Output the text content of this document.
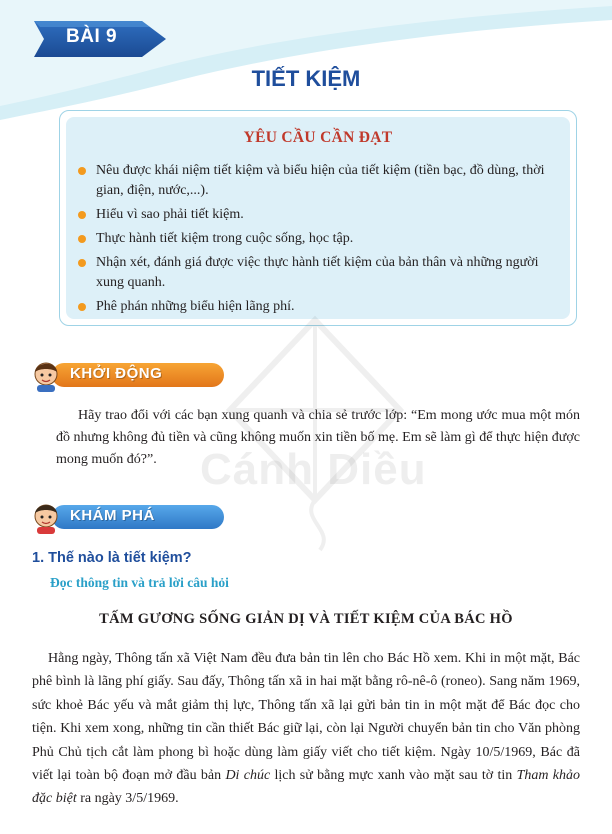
BÀI 9
TIẾT KIỆM
YÊU CẦU CẦN ĐẠT
Nêu được khái niệm tiết kiệm và biểu hiện của tiết kiệm (tiền bạc, đồ dùng, thời gian, điện, nước,...).
Hiểu vì sao phải tiết kiệm.
Thực hành tiết kiệm trong cuộc sống, học tập.
Nhận xét, đánh giá được việc thực hành tiết kiệm của bản thân và những người xung quanh.
Phê phán những biểu hiện lãng phí.
Cánh Diều
KHỞI ĐỘNG
Hãy trao đổi với các bạn xung quanh và chia sẻ trước lớp: “Em mong ước mua một món đồ nhưng không đủ tiền và cũng không muốn xin tiền bố mẹ. Em sẽ làm gì để thực hiện được mong muốn đó?”.
KHÁM PHÁ
1. Thế nào là tiết kiệm?
Đọc thông tin và trả lời câu hỏi
TẤM GƯƠNG SỐNG GIẢN DỊ VÀ TIẾT KIỆM CỦA BÁC HỒ
Hằng ngày, Thông tấn xã Việt Nam đều đưa bản tin lên cho Bác Hồ xem. Khi in một mặt, Bác phê bình là lãng phí giấy. Sau đấy, Thông tấn xã in hai mặt bằng rô-nê-ô (roneo). Sang năm 1969, sức khoẻ Bác yếu và mắt giảm thị lực, Thông tấn xã lại gửi bản tin in một mặt để Bác đọc cho tiện. Khi xem xong, những tin cần thiết Bác giữ lại, còn lại Người chuyển bản tin cho Văn phòng Phủ Chủ tịch cắt làm phong bì hoặc dùng làm giấy viết cho tiết kiệm. Ngày 10/5/1969, Bác đã viết lại toàn bộ đoạn mở đầu bản Di chúc lịch sử bằng mực xanh vào mặt sau tờ tin Tham khảo đặc biệt ra ngày 3/5/1969.
